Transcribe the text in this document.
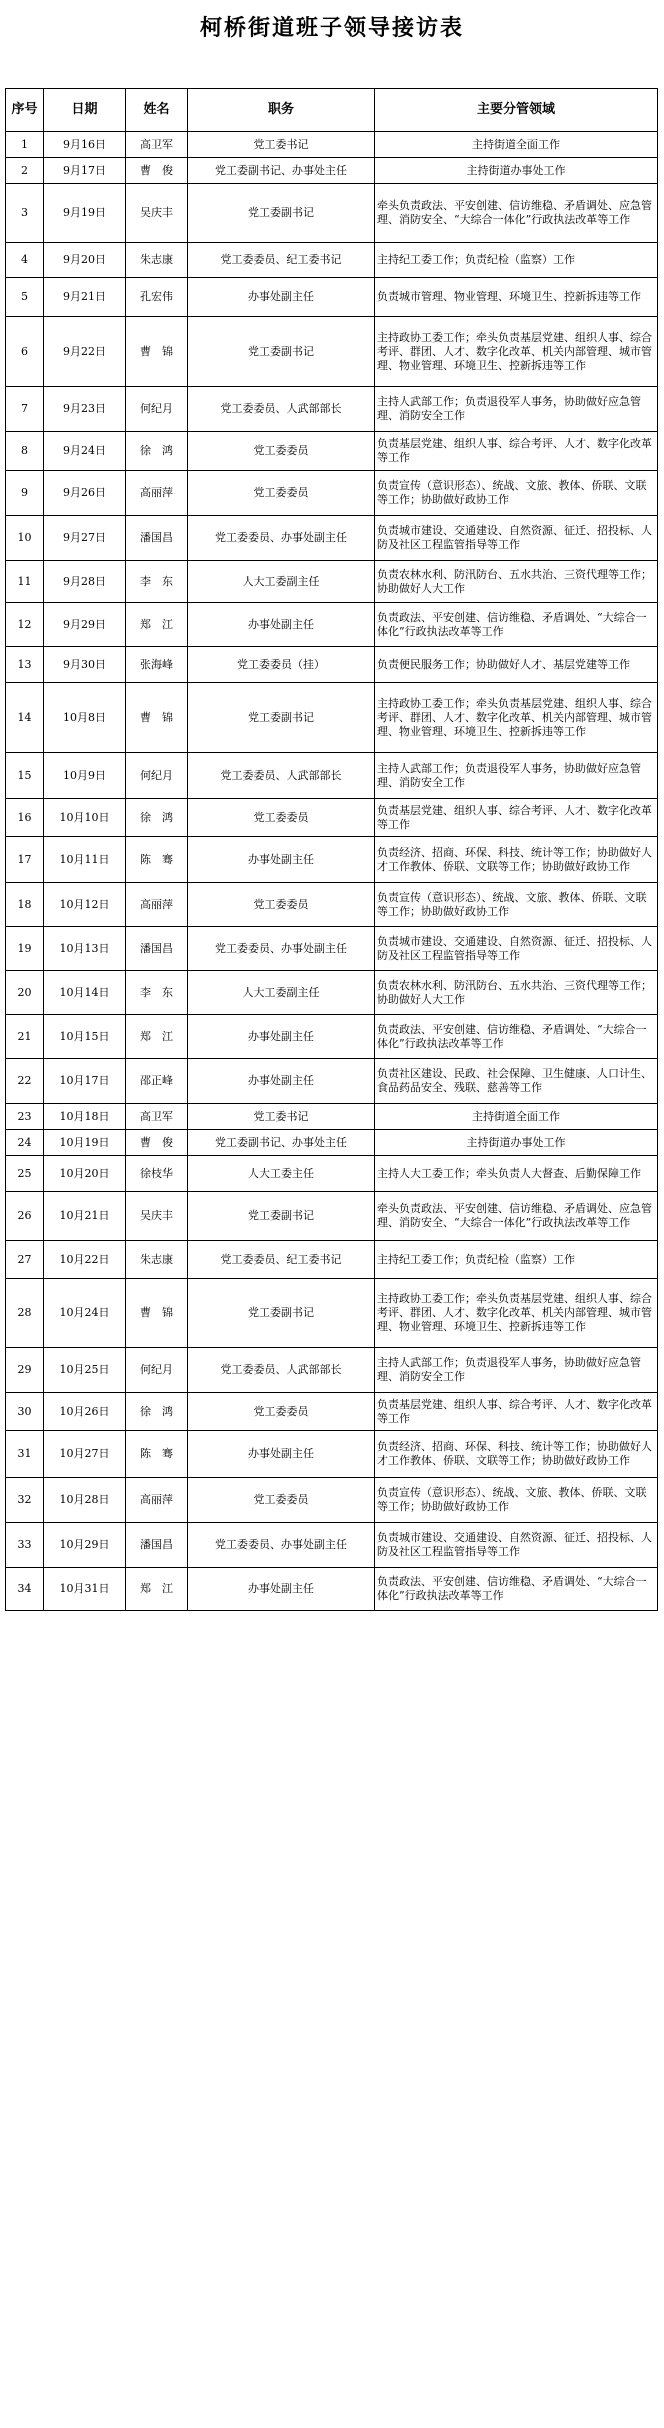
柯桥街道班子领导接访表
序号	日期	姓名	职务	主要分管领域
1	9月16日	高卫军	党工委书记	主持街道全面工作
2	9月17日	曹　俊	党工委副书记、办事处主任	主持街道办事处工作
3	9月19日	吴庆丰	党工委副书记	牵头负责政法、平安创建、信访维稳、矛盾调处、应急管理、消防安全、“大综合一体化”行政执法改革等工作
4	9月20日	朱志康	党工委委员、纪工委书记	主持纪工委工作；负责纪检（监察）工作
5	9月21日	孔宏伟	办事处副主任	负责城市管理、物业管理、环境卫生、控新拆违等工作
6	9月22日	曹　锦	党工委副书记	主持政协工委工作；牵头负责基层党建、组织人事、综合考评、群团、人才、数字化改革、机关内部管理、城市管理、物业管理、环境卫生、控新拆违等工作
7	9月23日	何纪月	党工委委员、人武部部长	主持人武部工作；负责退役军人事务，协助做好应急管理、消防安全工作
8	9月24日	徐　鸿	党工委委员	负责基层党建、组织人事、综合考评、人才、数字化改革等工作
9	9月26日	高丽萍	党工委委员	负责宣传（意识形态）、统战、文旅、教体、侨联、文联等工作；协助做好政协工作
10	9月27日	潘国昌	党工委委员、办事处副主任	负责城市建设、交通建设、自然资源、征迁、招投标、人防及社区工程监管指导等工作
11	9月28日	李　东	人大工委副主任	负责农林水利、防汛防台、五水共治、三资代理等工作；协助做好人大工作
12	9月29日	郑　江	办事处副主任	负责政法、平安创建、信访维稳、矛盾调处、“大综合一体化”行政执法改革等工作
13	9月30日	张海峰	党工委委员（挂）	负责便民服务工作；协助做好人才、基层党建等工作
14	10月8日	曹　锦	党工委副书记	主持政协工委工作；牵头负责基层党建、组织人事、综合考评、群团、人才、数字化改革、机关内部管理、城市管理、物业管理、环境卫生、控新拆违等工作
15	10月9日	何纪月	党工委委员、人武部部长	主持人武部工作；负责退役军人事务，协助做好应急管理、消防安全工作
16	10月10日	徐　鸿	党工委委员	负责基层党建、组织人事、综合考评、人才、数字化改革等工作
17	10月11日	陈　骞	办事处副主任	负责经济、招商、环保、科技、统计等工作；协助做好人才工作教体、侨联、文联等工作；协助做好政协工作
18	10月12日	高丽萍	党工委委员	负责宣传（意识形态）、统战、文旅、教体、侨联、文联等工作；协助做好政协工作
19	10月13日	潘国昌	党工委委员、办事处副主任	负责城市建设、交通建设、自然资源、征迁、招投标、人防及社区工程监管指导等工作
20	10月14日	李　东	人大工委副主任	负责农林水利、防汛防台、五水共治、三资代理等工作；协助做好人大工作
21	10月15日	郑　江	办事处副主任	负责政法、平安创建、信访维稳、矛盾调处、“大综合一体化”行政执法改革等工作
22	10月17日	邵正峰	办事处副主任	负责社区建设、民政、社会保障、卫生健康、人口计生、食品药品安全、残联、慈善等工作
23	10月18日	高卫军	党工委书记	主持街道全面工作
24	10月19日	曹　俊	党工委副书记、办事处主任	主持街道办事处工作
25	10月20日	徐枝华	人大工委主任	主持人大工委工作；牵头负责人大督查、后勤保障工作
26	10月21日	吴庆丰	党工委副书记	牵头负责政法、平安创建、信访维稳、矛盾调处、应急管理、消防安全、“大综合一体化”行政执法改革等工作
27	10月22日	朱志康	党工委委员、纪工委书记	主持纪工委工作；负责纪检（监察）工作
28	10月24日	曹　锦	党工委副书记	主持政协工委工作；牵头负责基层党建、组织人事、综合考评、群团、人才、数字化改革、机关内部管理、城市管理、物业管理、环境卫生、控新拆违等工作
29	10月25日	何纪月	党工委委员、人武部部长	主持人武部工作；负责退役军人事务，协助做好应急管理、消防安全工作
30	10月26日	徐　鸿	党工委委员	负责基层党建、组织人事、综合考评、人才、数字化改革等工作
31	10月27日	陈　骞	办事处副主任	负责经济、招商、环保、科技、统计等工作；协助做好人才工作教体、侨联、文联等工作；协助做好政协工作
32	10月28日	高丽萍	党工委委员	负责宣传（意识形态）、统战、文旅、教体、侨联、文联等工作；协助做好政协工作
33	10月29日	潘国昌	党工委委员、办事处副主任	负责城市建设、交通建设、自然资源、征迁、招投标、人防及社区工程监管指导等工作
34	10月31日	郑　江	办事处副主任	负责政法、平安创建、信访维稳、矛盾调处、“大综合一体化”行政执法改革等工作
